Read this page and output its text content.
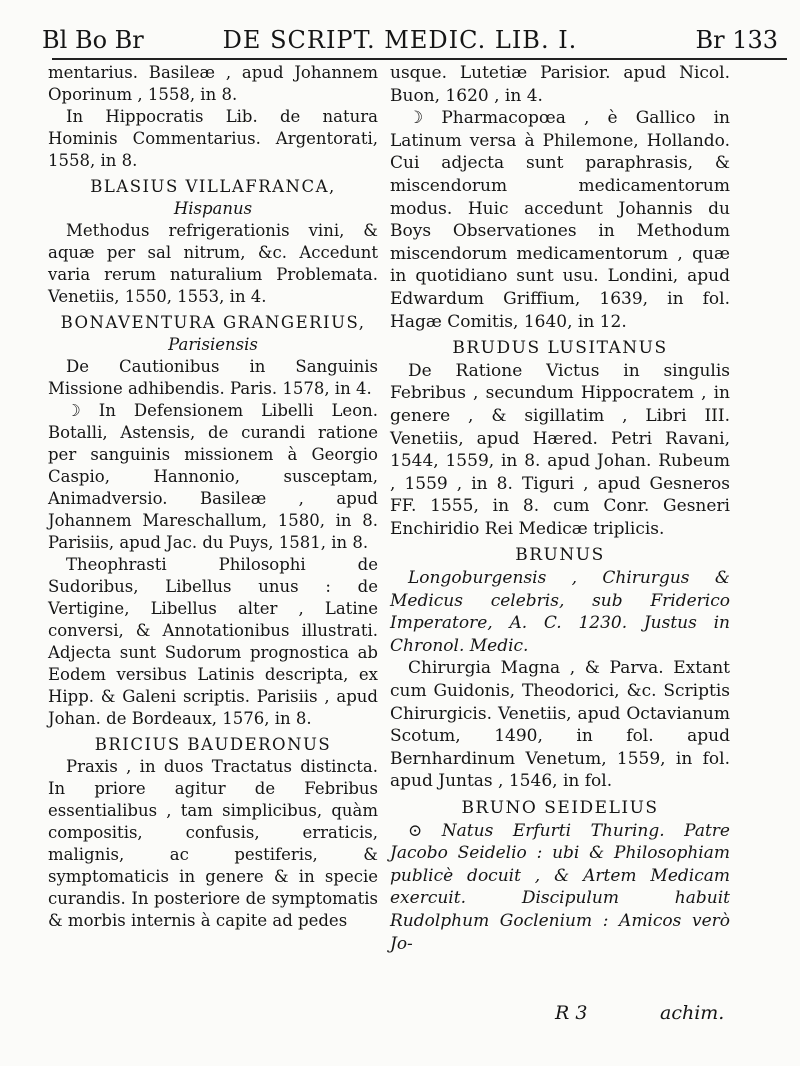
Bl Bo Br	DE SCRIPT. MEDIC. LIB. I.	Br 133

mentarius. Basileæ , apud Johannem Oporinum , 1558, in 8.

In Hippocratis Lib. de natura Hominis Commentarius. Argentorati, 1558, in 8.

BLASIUS VILLAFRANCA,

Hispanus

Methodus refrigerationis vini, & aquæ per sal nitrum, &c. Accedunt varia rerum naturalium Problemata. Venetiis, 1550, 1553, in 4.

BONAVENTURA GRANGERIUS,

Parisiensis

De Cautionibus in Sanguinis Missione adhibendis. Paris. 1578, in 4.

☽ In Defensionem Libelli Leon. Botalli, Astensis, de curandi ratione per sanguinis missionem à Georgio Caspio, Hannonio, susceptam, Animadversio. Basileæ , apud Johannem Mareschallum, 1580, in 8. Parisiis, apud Jac. du Puys, 1581, in 8.

Theophrasti Philosophi de Sudoribus, Libellus unus : de Vertigine, Libellus alter , Latine conversi, & Annotationibus illustrati. Adjecta sunt Sudorum prognostica ab Eodem versibus Latinis descripta, ex Hipp. & Galeni scriptis. Parisiis , apud Johan. de Bordeaux, 1576, in 8.

BRICIUS BAUDERONUS

Praxis , in duos Tractatus distincta. In priore agitur de Febribus essentialibus , tam simplicibus, quàm compositis, confusis, erraticis, malignis, ac pestiferis, & symptomaticis in genere & in specie curandis. In posteriore de symptomatis & morbis internis à capite ad pedes

usque. Lutetiæ Parisior. apud Nicol. Buon, 1620 , in 4.

☽ Pharmacopœa , è Gallico in Latinum versa à Philemone, Hollando. Cui adjecta sunt paraphrasis, & miscendorum medicamentorum modus. Huic accedunt Johannis du Boys Observationes in Methodum miscendorum medicamentorum , quæ in quotidiano sunt usu. Londini, apud Edwardum Griffium, 1639, in fol. Hagæ Comitis, 1640, in 12.

BRUDUS LUSITANUS

De Ratione Victus in singulis Febribus , secundum Hippocratem , in genere , & sigillatim , Libri III. Venetiis, apud Hæred. Petri Ravani, 1544, 1559, in 8. apud Johan. Rubeum , 1559 , in 8. Tiguri , apud Gesneros FF. 1555, in 8. cum Conr. Gesneri Enchiridio Rei Medicæ triplicis.

BRUNUS

Longoburgensis , Chirurgus & Medicus celebris, sub Friderico Imperatore, A. C. 1230. Justus in Chronol. Medic.

Chirurgia Magna , & Parva. Extant cum Guidonis, Theodorici, &c. Scriptis Chirurgicis. Venetiis, apud Octavianum Scotum, 1490, in fol. apud Bernhardinum Venetum, 1559, in fol. apud Juntas , 1546, in fol.

BRUNO SEIDELIUS

⊙ Natus Erfurti Thuring. Patre Jacobo Seidelio : ubi & Philosophiam publicè docuit , & Artem Medicam exercuit. Discipulum habuit Rudolphum Goclenium : Amicos verò Jo-

R 3	achim.
